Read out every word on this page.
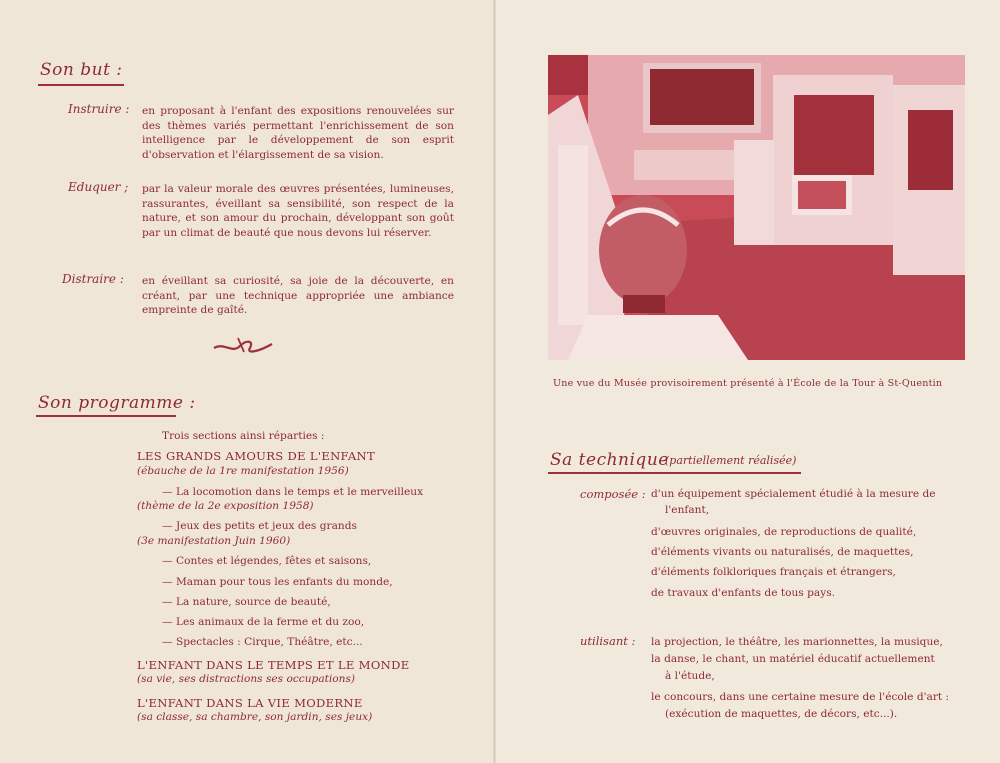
Son but :
Instruire : en proposant à l'enfant des expositions renouvelées sur des thèmes variés permettant l'enrichissement de son intelligence par le développement de son esprit d'observation et l'élargissement de sa vision.
Eduquer ; par la valeur morale des œuvres présentées, lumineuses, rassurantes, éveillant sa sensibilité, son respect de la nature, et son amour du prochain, développant son goût par un climat de beauté que nous devons lui réserver.
Distraire : en éveillant sa curiosité, sa joie de la découverte, en créant, par une technique appropriée une ambiance empreinte de gaîté.
Son programme :
Trois sections ainsi réparties :
LES GRANDS AMOURS DE L'ENFANT
(ébauche de la 1re manifestation 1956)
— La locomotion dans le temps et le merveilleux
(thème de la 2e exposition 1958)
— Jeux des petits et jeux des grands
(3e manifestation Juin 1960)
— Contes et légendes, fêtes et saisons,
— Maman pour tous les enfants du monde,
— La nature, source de beauté,
— Les animaux de la ferme et du zoo,
— Spectacles : Cirque, Théâtre, etc...
L'ENFANT DANS LE TEMPS ET LE MONDE
(sa vie, ses distractions ses occupations)
L'ENFANT DANS LA VIE MODERNE
(sa classe, sa chambre, son jardin, ses jeux)
Une vue du Musée provisoirement présenté à l'École de la Tour à St-Quentin
Sa technique
(partiellement réalisée)
composée : d'un équipement spécialement étudié à la mesure de
l'enfant,
d'œuvres originales, de reproductions de qualité,
d'éléments vivants ou naturalisés, de maquettes,
d'éléments folkloriques français et étrangers,
de travaux d'enfants de tous pays.
utilisant : la projection, le théâtre, les marionnettes, la musique,
la danse, le chant, un matériel éducatif actuellement
à l'étude,
le concours, dans une certaine mesure de l'école d'art :
(exécution de maquettes, de décors, etc...).
